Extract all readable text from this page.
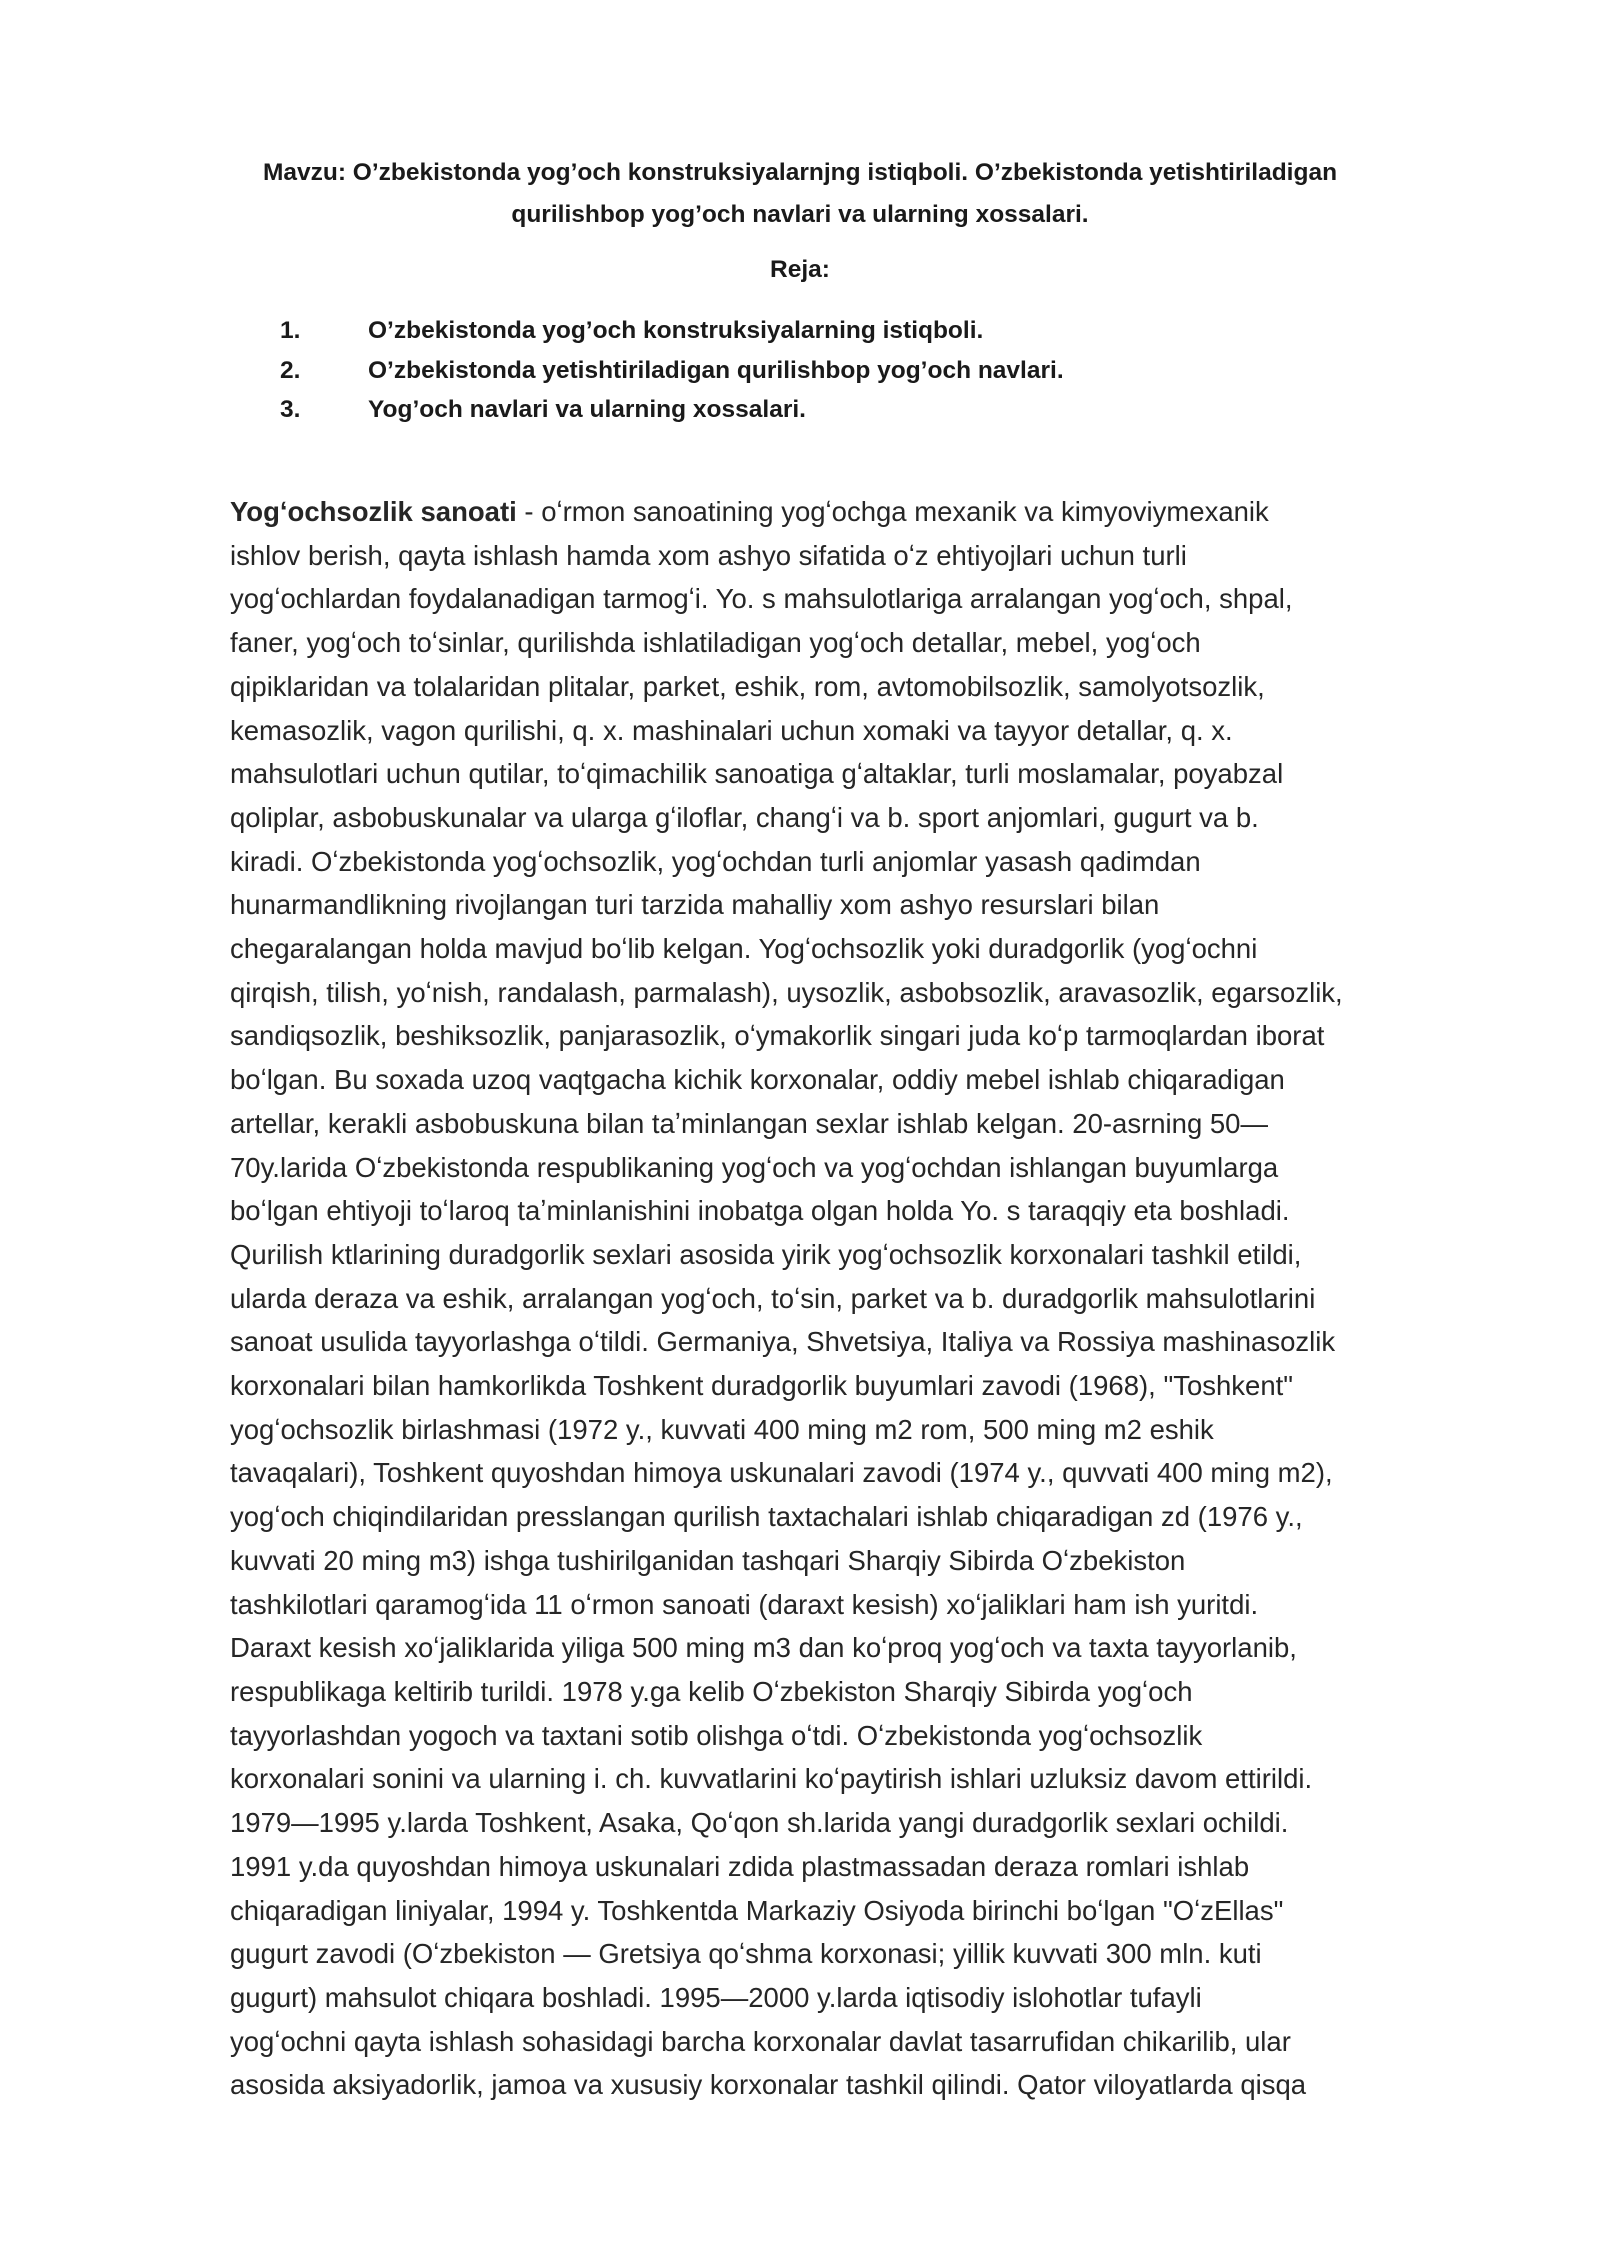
Mavzu: O’zbekistonda yog’och konstruksiyalarnjng istiqboli. O’zbekistonda yetishtiriladigan
qurilishbop yog’och navlari va ularning xossalari.

Reja:

1.	O’zbekistonda yog’och konstruksiyalarning istiqboli.
2.	O’zbekistonda yetishtiriladigan qurilishbop yog’och navlari.
3.	Yog’och navlari va ularning xossalari.
Yogʻochsozlik sanoati - oʻrmon sanoatining yogʻochga mexanik va kimyoviymexanik
ishlov berish, qayta ishlash hamda xom ashyo sifatida oʻz ehtiyojlari uchun turli
yogʻochlardan foydalanadigan tarmogʻi. Yo. s mahsulotlariga arralangan yogʻoch, shpal,
faner, yogʻoch toʻsinlar, qurilishda ishlatiladigan yogʻoch detallar, mebel, yogʻoch
qipiklaridan va tolalaridan plitalar, parket, eshik, rom, avtomobilsozlik, samolyotsozlik,
kemasozlik, vagon qurilishi, q. x. mashinalari uchun xomaki va tayyor detallar, q. x.
mahsulotlari uchun qutilar, toʻqimachilik sanoatiga gʻaltaklar, turli moslamalar, poyabzal
qoliplar, asbobuskunalar va ularga gʻiloflar, changʻi va b. sport anjomlari, gugurt va b.
kiradi. Oʻzbekistonda yogʻochsozlik, yogʻochdan turli anjomlar yasash qadimdan
hunarmandlikning rivojlangan turi tarzida mahalliy xom ashyo resurslari bilan
chegaralangan holda mavjud boʻlib kelgan. Yogʻochsozlik yoki duradgorlik (yogʻochni
qirqish, tilish, yoʻnish, randalash, parmalash), uysozlik, asbobsozlik, aravasozlik, egarsozlik,
sandiqsozlik, beshiksozlik, panjarasozlik, oʻymakorlik singari juda koʻp tarmoqlardan iborat
boʻlgan. Bu soxada uzoq vaqtgacha kichik korxonalar, oddiy mebel ishlab chiqaradigan
artellar, kerakli asbobuskuna bilan taʼminlangan sexlar ishlab kelgan. 20-asrning 50—
70y.larida Oʻzbekistonda respublikaning yogʻoch va yogʻochdan ishlangan buyumlarga
boʻlgan ehtiyoji toʻlaroq taʼminlanishini inobatga olgan holda Yo. s taraqqiy eta boshladi.
Qurilish ktlarining duradgorlik sexlari asosida yirik yogʻochsozlik korxonalari tashkil etildi,
ularda deraza va eshik, arralangan yogʻoch, toʻsin, parket va b. duradgorlik mahsulotlarini
sanoat usulida tayyorlashga oʻtildi. Germaniya, Shvetsiya, Italiya va Rossiya mashinasozlik
korxonalari bilan hamkorlikda Toshkent duradgorlik buyumlari zavodi (1968), "Toshkent"
yogʻochsozlik birlashmasi (1972 y., kuvvati 400 ming m2 rom, 500 ming m2 eshik
tavaqalari), Toshkent quyoshdan himoya uskunalari zavodi (1974 y., quvvati 400 ming m2),
yogʻoch chiqindilaridan presslangan qurilish taxtachalari ishlab chiqaradigan zd (1976 y.,
kuvvati 20 ming m3) ishga tushirilganidan tashqari Sharqiy Sibirda Oʻzbekiston
tashkilotlari qaramogʻida 11 oʻrmon sanoati (daraxt kesish) xoʻjaliklari ham ish yuritdi.
Daraxt kesish xoʻjaliklarida yiliga 500 ming m3 dan koʻproq yogʻoch va taxta tayyorlanib,
respublikaga keltirib turildi. 1978 y.ga kelib Oʻzbekiston Sharqiy Sibirda yogʻoch
tayyorlashdan yogoch va taxtani sotib olishga oʻtdi. Oʻzbekistonda yogʻochsozlik
korxonalari sonini va ularning i. ch. kuvvatlarini koʻpaytirish ishlari uzluksiz davom ettirildi.
1979—1995 y.larda Toshkent, Asaka, Qoʻqon sh.larida yangi duradgorlik sexlari ochildi.
1991 y.da quyoshdan himoya uskunalari zdida plastmassadan deraza romlari ishlab
chiqaradigan liniyalar, 1994 y. Toshkentda Markaziy Osiyoda birinchi boʻlgan "OʻzEllas"
gugurt zavodi (Oʻzbekiston — Gretsiya qoʻshma korxonasi; yillik kuvvati 300 mln. kuti
gugurt) mahsulot chiqara boshladi. 1995—2000 y.larda iqtisodiy islohotlar tufayli
yogʻochni qayta ishlash sohasidagi barcha korxonalar davlat tasarrufidan chikarilib, ular
asosida aksiyadorlik, jamoa va xususiy korxonalar tashkil qilindi. Qator viloyatlarda qisqa
